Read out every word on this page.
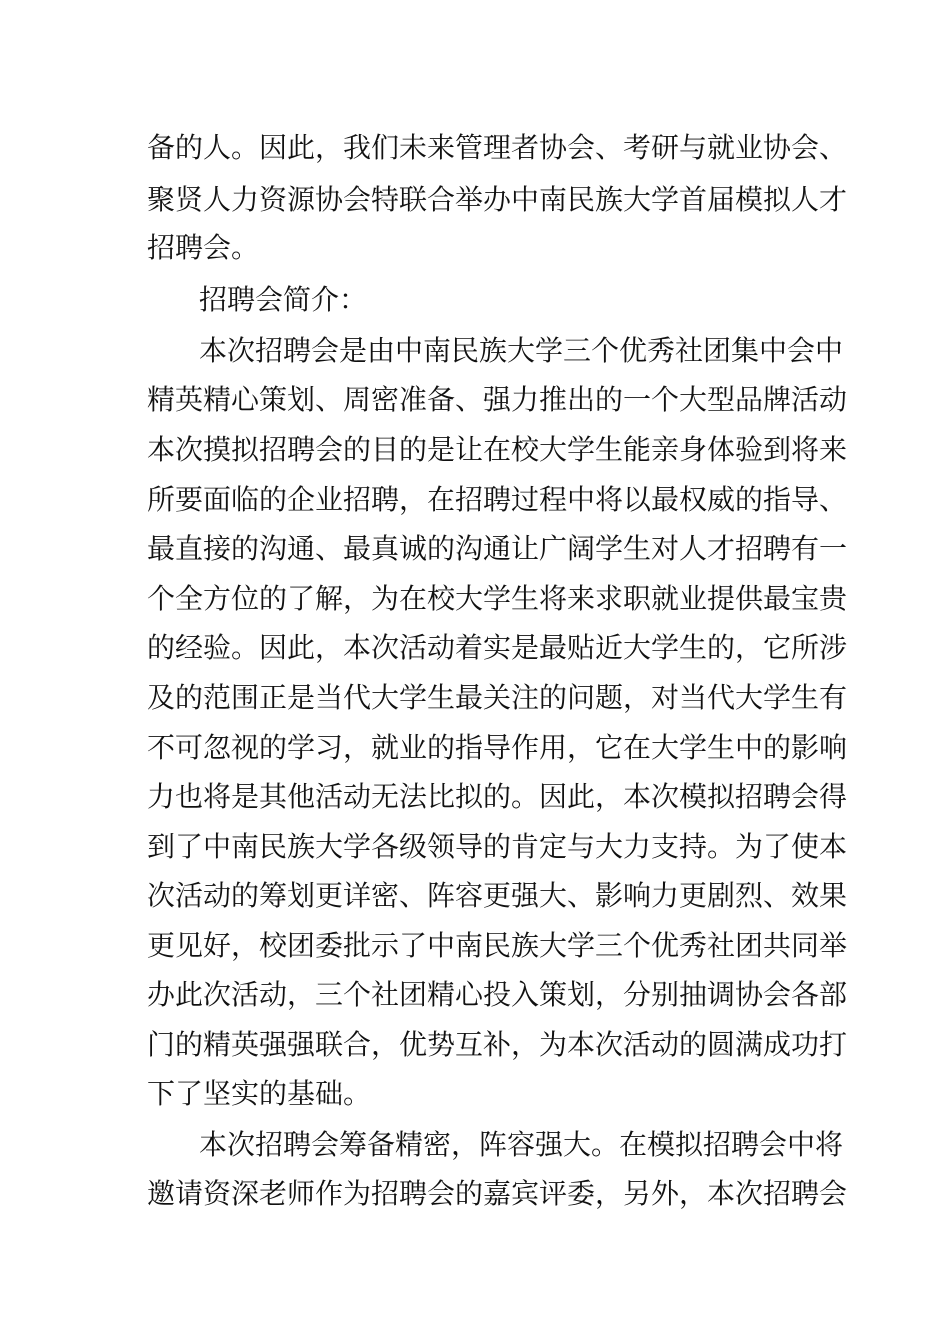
备的人。因此，我们未来管理者协会、考研与就业协会、
聚贤人力资源协会特联合举办中南民族大学首届模拟人才
招聘会。
招聘会简介：
本次招聘会是由中南民族大学三个优秀社团集中会中
精英精心策划、周密准备、强力推出的一个大型品牌活动
本次摸拟招聘会的目的是让在校大学生能亲身体验到将来
所要面临的企业招聘，在招聘过程中将以最权威的指导、
最直接的沟通、最真诚的沟通让广阔学生对人才招聘有一
个全方位的了解，为在校大学生将来求职就业提供最宝贵
的经验。因此，本次活动着实是最贴近大学生的，它所涉
及的范围正是当代大学生最关注的问题，对当代大学生有
不可忽视的学习，就业的指导作用，它在大学生中的影响
力也将是其他活动无法比拟的。因此，本次模拟招聘会得
到了中南民族大学各级领导的肯定与大力支持。为了使本
次活动的筹划更详密、阵容更强大、影响力更剧烈、效果
更见好，校团委批示了中南民族大学三个优秀社团共同举
办此次活动，三个社团精心投入策划，分别抽调协会各部
门的精英强强联合，优势互补，为本次活动的圆满成功打
下了坚实的基础。
本次招聘会筹备精密，阵容强大。在模拟招聘会中将
邀请资深老师作为招聘会的嘉宾评委，另外，本次招聘会
